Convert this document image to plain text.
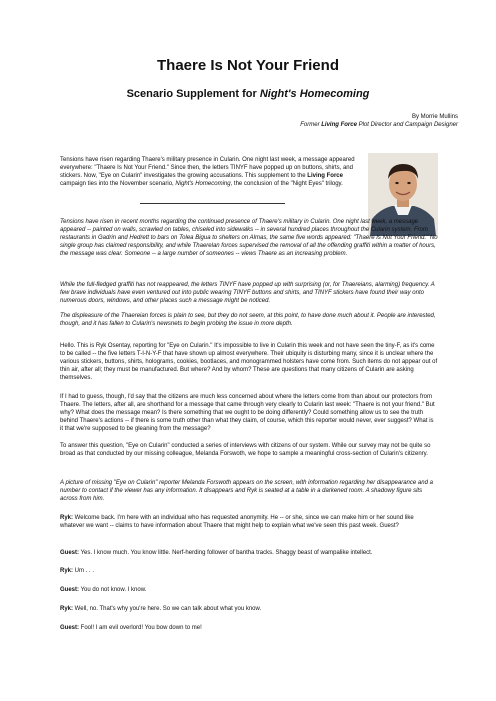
Thaere Is Not Your Friend
Scenario Supplement for Night's Homecoming
By Morrie Mullins
Former Living Force Plot Director and Campaign Designer

Tensions have risen regarding Thaere's military presence in Cularin. One night last week, a message appeared everywhere: "Thaere Is Not Your Friend." Since then, the letters TINYF have popped up on buttons, shirts, and stickers. Now, "Eye on Cularin" investigates the growing accusations. This supplement to the Living Force campaign ties into the November scenario, Night's Homecoming, the conclusion of the "Night Eyes" trilogy.

Tensions have risen in recent months regarding the continued presence of Thaere's military in Cularin. One night last week, a message appeared -- painted on walls, scrawled on tables, chiseled into sidewalks -- in several hundred places throughout the Cularin system. From restaurants in Gadrin and Hedrett to bars on Tolea Bigua to shelters on Almas, the same five words appeared: "Thaere Is Not Your Friend." No single group has claimed responsibility, and while Thaerelan forces supervised the removal of all the offending graffiti within a matter of hours, the message was clear. Someone -- a large number of someones -- views Thaere as an increasing problem.

While the full-fledged graffiti has not reappeared, the letters TINYF have popped up with surprising (or, for Thaereians, alarming) frequency. A few brave individuals have even ventured out into public wearing TINYF buttons and shirts, and TINYF stickers have found their way onto numerous doors, windows, and other places such a message might be noticed.

The displeasure of the Thaereian forces is plain to see, but they do not seem, at this point, to have done much about it. People are interested, though, and it has fallen to Cularin's newsnets to begin probing the issue in more depth.

Hello. This is Ryk Osentay, reporting for "Eye on Cularin." It's impossible to live in Cularin this week and not have seen the tiny-F, as it's come to be called -- the five letters T-I-N-Y-F that have shown up almost everywhere. Their ubiquity is disturbing many, since it is unclear where the various stickers, buttons, shirts, holograms, cookies, bootlaces, and monogrammed holsters have come from. Such items do not appear out of thin air, after all; they must be manufactured. But where? And by whom? These are questions that many citizens of Cularin are asking themselves.

If I had to guess, though, I'd say that the citizens are much less concerned about where the letters come from than about our protectors from Thaere. The letters, after all, are shorthand for a message that came through very clearly to Cularin last week: "Thaere is not your friend." But why? What does the message mean? Is there something that we ought to be doing differently? Could something allow us to see the truth behind Thaere's actions -- if there is some truth other than what they claim, of course, which this reporter would never, ever suggest? What is it that we're supposed to be gleaning from the message?

To answer this question, "Eye on Cularin" conducted a series of interviews with citizens of our system. While our survey may not be quite so broad as that conducted by our missing colleague, Melanda Forswoth, we hope to sample a meaningful cross-section of Cularin's citizenry.

A picture of missing "Eye on Cularin" reporter Melanda Forswoth appears on the screen, with information regarding her disappearance and a number to contact if the viewer has any information. It disappears and Ryk is seated at a table in a darkened room. A shadowy figure sits across from him.

Ryk: Welcome back. I'm here with an individual who has requested anonymity. He -- or she, since we can make him or her sound like whatever we want -- claims to have information about Thaere that might help to explain what we've seen this past week. Guest?

Guest: Yes. I know much. You know little. Nerf-herding follower of bantha tracks. Shaggy beast of wampalike intellect.

Ryk: Um . . .

Guest: You do not know. I know.

Ryk: Well, no. That's why you're here. So we can talk about what you know.

Guest: Fool! I am evil overlord! You bow down to me!
